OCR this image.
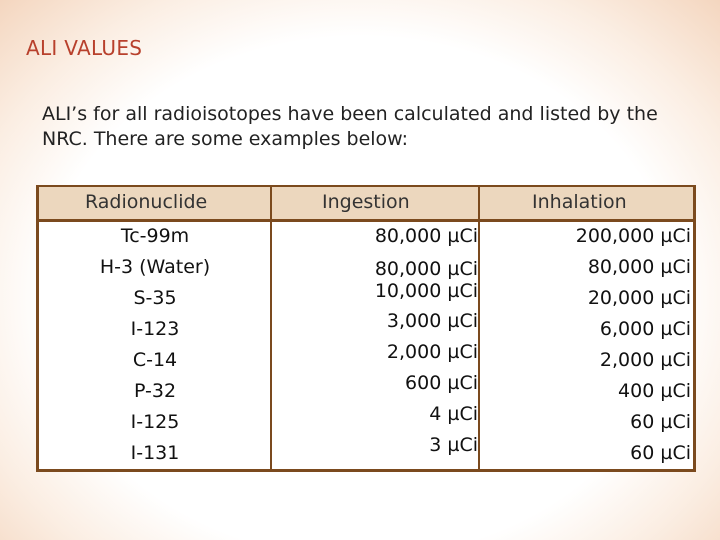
ALI VALUES
ALI’s for all radioisotopes have been calculated and listed by the NRC. There are some examples below:
Radionuclide	Ingestion	Inhalation
Tc-99m
H-3 (Water)
S-35
I-123
C-14
P-32
I-125
I-131
80,000 µCi
80,000 µCi
10,000 µCi
3,000 µCi
2,000 µCi
600 µCi
4 µCi
3 µCi
200,000 µCi
80,000 µCi
20,000 µCi
6,000 µCi
2,000 µCi
400 µCi
60 µCi
60 µCi
